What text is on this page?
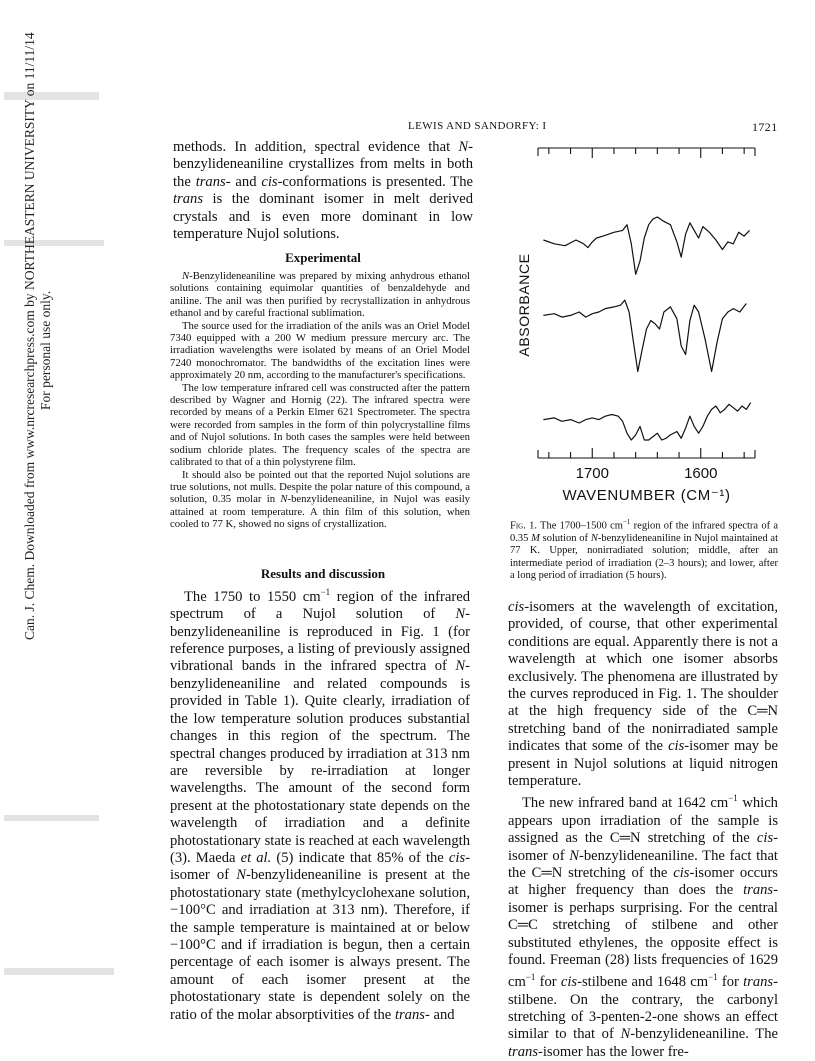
Can. J. Chem. Downloaded from www.nrcresearchpress.com by NORTHEASTERN UNIVERSITY on 11/11/14 For personal use only.
LEWIS AND SANDORFY: I	1721

methods. In addition, spectral evidence that N-benzylideneaniline crystallizes from melts in both the trans- and cis-conformations is presented. The trans is the dominant isomer in melt derived crystals and is even more dominant in low temperature Nujol solutions.

Experimental

N-Benzylideneaniline was prepared by mixing anhydrous ethanol solutions containing equimolar quantities of benzaldehyde and aniline. The anil was then purified by recrystallization in anhydrous ethanol and by careful fractional sublimation.

The source used for the irradiation of the anils was an Oriel Model 7340 equipped with a 200 W medium pressure mercury arc. The irradiation wavelengths were isolated by means of an Oriel Model 7240 monochromator. The bandwidths of the excitation lines were approximately 20 nm, according to the manufacturer's specifications.

The low temperature infrared cell was constructed after the pattern described by Wagner and Hornig (22). The infrared spectra were recorded by means of a Perkin Elmer 621 Spectrometer. The spectra were recorded from samples in the form of thin polycrystalline films and of Nujol solutions. In both cases the samples were held between sodium chloride plates. The frequency scales of the spectra are calibrated to that of a thin polystyrene film.

It should also be pointed out that the reported Nujol solutions are true solutions, not mulls. Despite the polar nature of this compound, a solution, 0.35 molar in N-benzylideneaniline, in Nujol was easily attained at room temperature. A thin film of this solution, when cooled to 77 K, showed no signs of crystallization.

Results and discussion

The 1750 to 1550 $cm^{-1}$ region of the infrared spectrum of a Nujol solution of N-benzylideneaniline is reproduced in Fig. 1 (for reference purposes, a listing of previously assigned vibrational bands in the infrared spectra of N-benzylideneaniline and related compounds is provided in Table 1). Quite clearly, irradiation of the low temperature solution produces substantial changes in this region of the spectrum. The spectral changes produced by irradiation at 313 nm are reversible by re-irradiation at longer wavelengths. The amount of the second form present at the photostationary state depends on the wavelength of irradiation and a definite photostationary state is reached at each wavelength (3). Maeda et al. (5) indicate that 85% of the cis-isomer of N-benzylideneaniline is present at the photostationary state (methylcyclohexane solution, −100°C and irradiation at 313 nm). Therefore, if the sample temperature is maintained at or below −100°C and if irradiation is begun, then a certain percentage of each isomer is always present. The amount of each isomer present at the photostationary state is dependent solely on the ratio of the molar absorptivities of the trans- and

1700	1600
WAVENUMBER (CM⁻¹)
ABSORBANCE
Fig. 1. The 1700–1500 $cm^{-1}$ region of the infrared spectra of a 0.35 M solution of N-benzylideneaniline in Nujol maintained at 77 K. Upper, nonirradiated solution; middle, after an intermediate period of irradiation (2–3 hours); and lower, after a long period of irradiation (5 hours).

cis-isomers at the wavelength of excitation, provided, of course, that other experimental conditions are equal. Apparently there is not a wavelength at which one isomer absorbs exclusively. The phenomena are illustrated by the curves reproduced in Fig. 1. The shoulder at the high frequency side of the C═N stretching band of the nonirradiated sample indicates that some of the cis-isomer may be present in Nujol solutions at liquid nitrogen temperature.

The new infrared band at 1642 $cm^{-1}$ which appears upon irradiation of the sample is assigned as the C═N stretching of the cis-isomer of N-benzylideneaniline. The fact that the C═N stretching of the cis-isomer occurs at higher frequency than does the trans-isomer is perhaps surprising. For the central C═C stretching of stilbene and other substituted ethylenes, the opposite effect is found. Freeman (28) lists frequencies of 1629 $cm^{-1}$ for cis-stilbene and 1648 $cm^{-1}$ for trans-stilbene. On the contrary, the carbonyl stretching of 3-penten-2-one shows an effect similar to that of N-benzylideneaniline. The trans-isomer has the lower fre-
